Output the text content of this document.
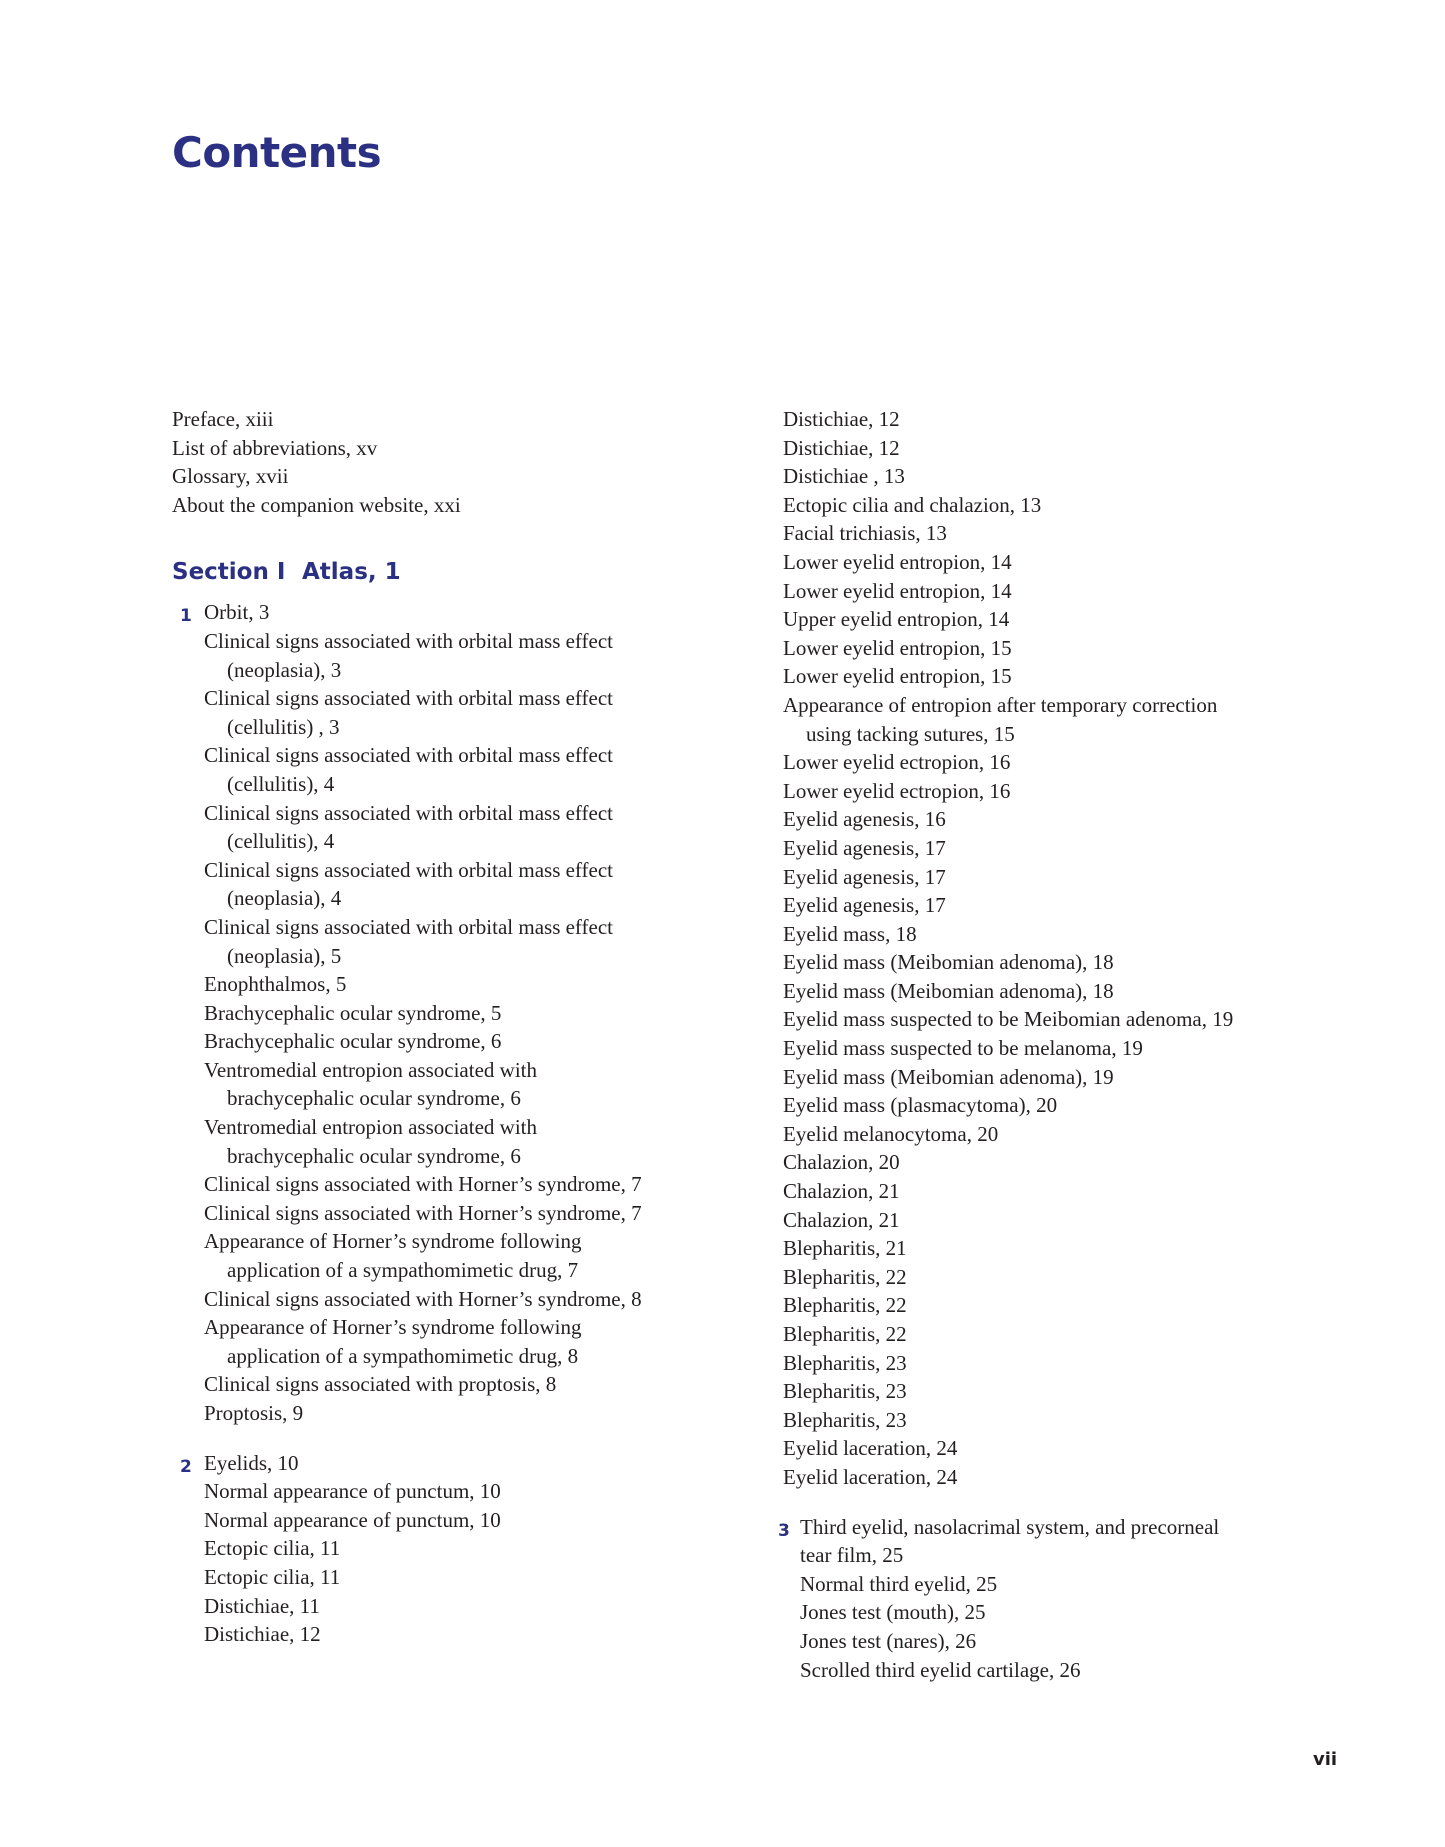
Contents
Preface, xiii
List of abbreviations, xv
Glossary, xvii
About the companion website, xxi
Section I Atlas, 1
1 Orbit, 3
Clinical signs associated with orbital mass effect
(neoplasia), 3
Clinical signs associated with orbital mass effect
(cellulitis) , 3
Clinical signs associated with orbital mass effect
(cellulitis), 4
Clinical signs associated with orbital mass effect
(cellulitis), 4
Clinical signs associated with orbital mass effect
(neoplasia), 4
Clinical signs associated with orbital mass effect
(neoplasia), 5
Enophthalmos, 5
Brachycephalic ocular syndrome, 5
Brachycephalic ocular syndrome, 6
Ventromedial entropion associated with
brachycephalic ocular syndrome, 6
Ventromedial entropion associated with
brachycephalic ocular syndrome, 6
Clinical signs associated with Horner’s syndrome, 7
Clinical signs associated with Horner’s syndrome, 7
Appearance of Horner’s syndrome following
application of a sympathomimetic drug, 7
Clinical signs associated with Horner’s syndrome, 8
Appearance of Horner’s syndrome following
application of a sympathomimetic drug, 8
Clinical signs associated with proptosis, 8
Proptosis, 9
2 Eyelids, 10
Normal appearance of punctum, 10
Normal appearance of punctum, 10
Ectopic cilia, 11
Ectopic cilia, 11
Distichiae, 11
Distichiae, 12
Distichiae, 12
Distichiae, 12
Distichiae , 13
Ectopic cilia and chalazion, 13
Facial trichiasis, 13
Lower eyelid entropion, 14
Lower eyelid entropion, 14
Upper eyelid entropion, 14
Lower eyelid entropion, 15
Lower eyelid entropion, 15
Appearance of entropion after temporary correction
using tacking sutures, 15
Lower eyelid ectropion, 16
Lower eyelid ectropion, 16
Eyelid agenesis, 16
Eyelid agenesis, 17
Eyelid agenesis, 17
Eyelid agenesis, 17
Eyelid mass, 18
Eyelid mass (Meibomian adenoma), 18
Eyelid mass (Meibomian adenoma), 18
Eyelid mass suspected to be Meibomian adenoma, 19
Eyelid mass suspected to be melanoma, 19
Eyelid mass (Meibomian adenoma), 19
Eyelid mass (plasmacytoma), 20
Eyelid melanocytoma, 20
Chalazion, 20
Chalazion, 21
Chalazion, 21
Blepharitis, 21
Blepharitis, 22
Blepharitis, 22
Blepharitis, 22
Blepharitis, 23
Blepharitis, 23
Blepharitis, 23
Eyelid laceration, 24
Eyelid laceration, 24
3 Third eyelid, nasolacrimal system, and precorneal
tear film, 25
Normal third eyelid, 25
Jones test (mouth), 25
Jones test (nares), 26
Scrolled third eyelid cartilage, 26
vii
